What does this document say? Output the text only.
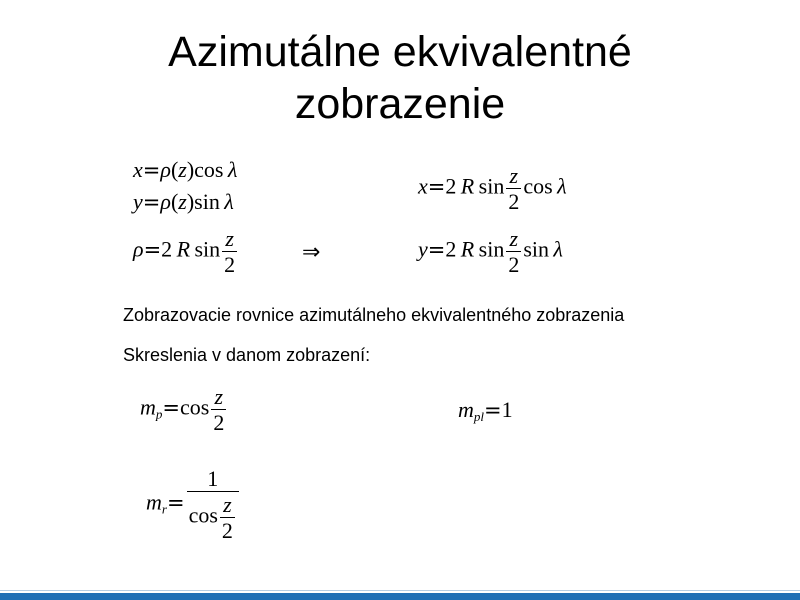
Azimutálne ekvivalentné
zobrazenie
x=ρ(z)cos  λ
y=ρ(z)sin  λ
ρ=2  R  $\sin \frac{z}{2}$	⇒
x=2  R  $\sin \frac{z}{2}$ cos  λ
y=2  R  $\sin \frac{z}{2}$ sin  λ
Zobrazovacie rovnice azimutálneho ekvivalentného zobrazenia
Skreslenia v danom zobrazení:
$m_p=\cos \frac{z}{2}$	$m_{pl}=1$
$m_r= \frac{1}{\cos \frac{z}{2}}$
